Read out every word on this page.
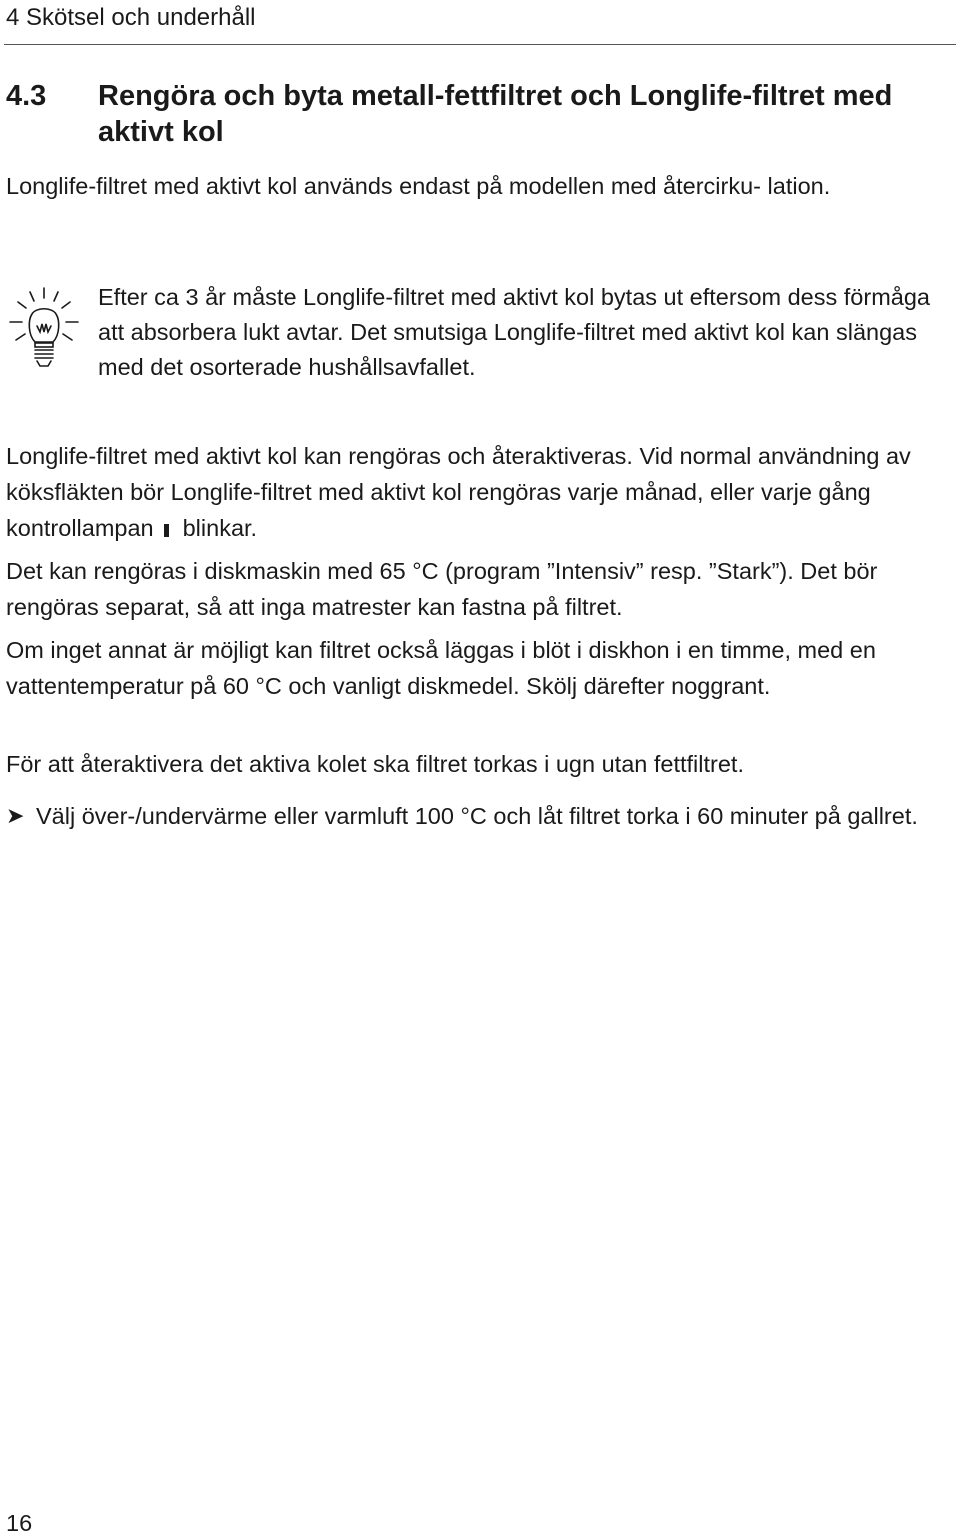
4 Skötsel och underhåll
4.3 Rengöra och byta metall-fettfiltret och Longlife-filtret med aktivt kol

Longlife-filtret med aktivt kol används endast på modellen med återcirku- lation.

Efter ca 3 år måste Longlife-filtret med aktivt kol bytas ut eftersom dess förmåga att absorbera lukt avtar. Det smutsiga Longlife-filtret med aktivt kol kan slängas med det osorterade hushållsavfallet.

Longlife-filtret med aktivt kol kan rengöras och återaktiveras. Vid normal användning av köksfläkten bör Longlife-filtret med aktivt kol rengöras varje månad, eller varje gång kontrollampan blinkar.

Det kan rengöras i diskmaskin med 65 °C (program ”Intensiv” resp. ”Stark”). Det bör rengöras separat, så att inga matrester kan fastna på filtret.

Om inget annat är möjligt kan filtret också läggas i blöt i diskhon i en timme, med en vattentemperatur på 60 °C och vanligt diskmedel. Skölj därefter noggrant.

För att återaktivera det aktiva kolet ska filtret torkas i ugn utan fettfiltret.

➤ Välj över-/undervärme eller varmluft 100 °C och låt filtret torka i 60 minuter på gallret.

16
